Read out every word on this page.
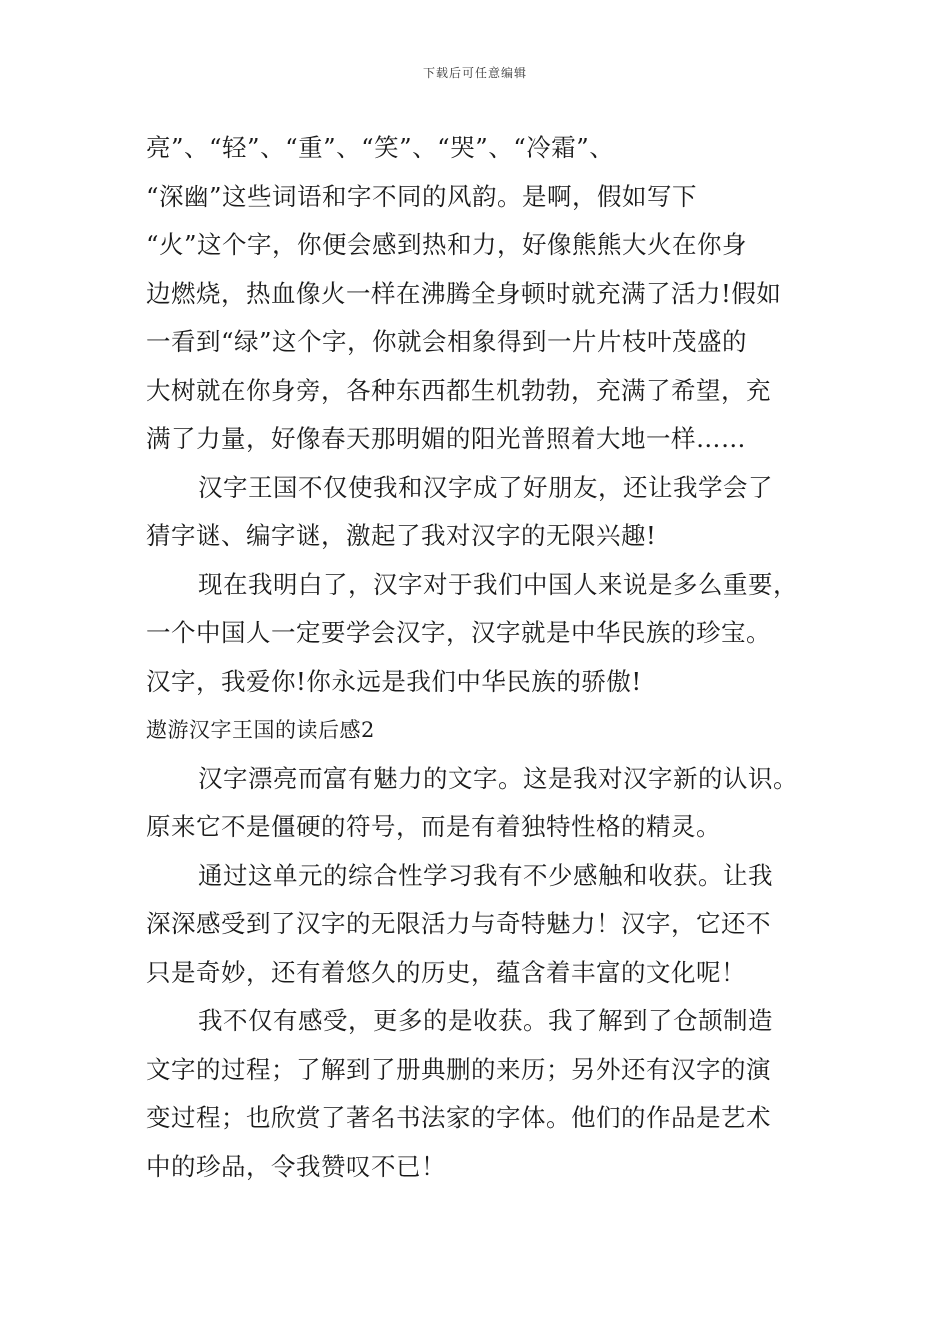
下载后可任意编辑
亮”、“轻”、“重”、“笑”、“哭”、“冷霜”、
“深幽”这些词语和字不同的风韵。是啊，假如写下
“火”这个字，你便会感到热和力，好像熊熊大火在你身
边燃烧，热血像火一样在沸腾全身顿时就充满了活力!假如
一看到“绿”这个字，你就会相象得到一片片枝叶茂盛的
大树就在你身旁，各种东西都生机勃勃，充满了希望，充
满了力量，好像春天那明媚的阳光普照着大地一样……
汉字王国不仅使我和汉字成了好朋友，还让我学会了
猜字谜、编字谜，激起了我对汉字的无限兴趣!
现在我明白了，汉字对于我们中国人来说是多么重要，
一个中国人一定要学会汉字，汉字就是中华民族的珍宝。
汉字，我爱你!你永远是我们中华民族的骄傲!
遨游汉字王国的读后感2
汉字漂亮而富有魅力的文字。这是我对汉字新的认识。
原来它不是僵硬的符号，而是有着独特性格的精灵。
通过这单元的综合性学习我有不少感触和收获。让我
深深感受到了汉字的无限活力与奇特魅力！汉字，它还不
只是奇妙，还有着悠久的历史，蕴含着丰富的文化呢！
我不仅有感受，更多的是收获。我了解到了仓颉制造
文字的过程；了解到了册典删的来历；另外还有汉字的演
变过程；也欣赏了著名书法家的字体。他们的作品是艺术
中的珍品，令我赞叹不已！
